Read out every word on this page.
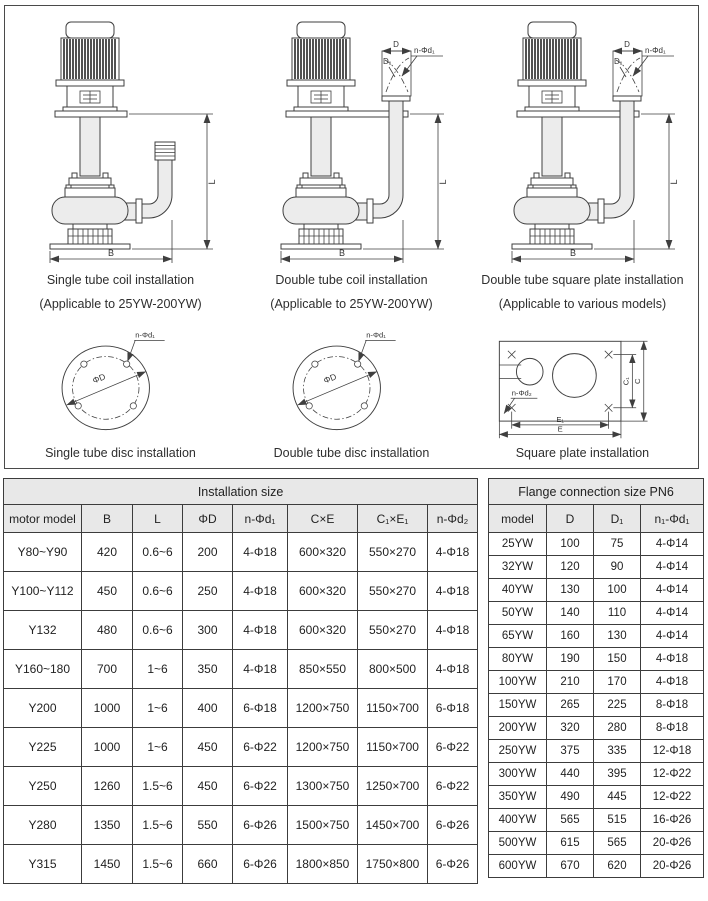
L
B
Single tube coil installation
(Applicable to 25YW-200YW)
D
D₁
n-Φd₁
L
B
Double tube coil installation
(Applicable to 25YW-200YW)
D
D₁
n-Φd₁
L
B
Double tube square plate installation
(Applicable to various models)
ΦD
n-Φd₁
Single tube disc installation
ΦD
n-Φd₁
Double tube disc installation
n-Φd₂
E₁
E
C₁ C
Square plate installation
Installation size							
motor model	B	L	ΦD	n-Φd₁	C×E	C₁×E₁	n-Φd₂
Y80~Y90	420	0.6~6	200	4-Φ18	600×320	550×270	4-Φ18
Y100~Y112	450	0.6~6	250	4-Φ18	600×320	550×270	4-Φ18
Y132	480	0.6~6	300	4-Φ18	600×320	550×270	4-Φ18
Y160~180	700	1~6	350	4-Φ18	850×550	800×500	4-Φ18
Y200	1000	1~6	400	6-Φ18	1200×750	1150×700	6-Φ18
Y225	1000	1~6	450	6-Φ22	1200×750	1150×700	6-Φ22
Y250	1260	1.5~6	450	6-Φ22	1300×750	1250×700	6-Φ22
Y280	1350	1.5~6	550	6-Φ26	1500×750	1450×700	6-Φ26
Y315	1450	1.5~6	660	6-Φ26	1800×850	1750×800	6-Φ26
Flange connection size PN6			
model	D	D₁	n₁-Φd₁
25YW	100	75	4-Φ14
32YW	120	90	4-Φ14
40YW	130	100	4-Φ14
50YW	140	110	4-Φ14
65YW	160	130	4-Φ14
80YW	190	150	4-Φ18
100YW	210	170	4-Φ18
150YW	265	225	8-Φ18
200YW	320	280	8-Φ18
250YW	375	335	12-Φ18
300YW	440	395	12-Φ22
350YW	490	445	12-Φ22
400YW	565	515	16-Φ26
500YW	615	565	20-Φ26
600YW	670	620	20-Φ26
